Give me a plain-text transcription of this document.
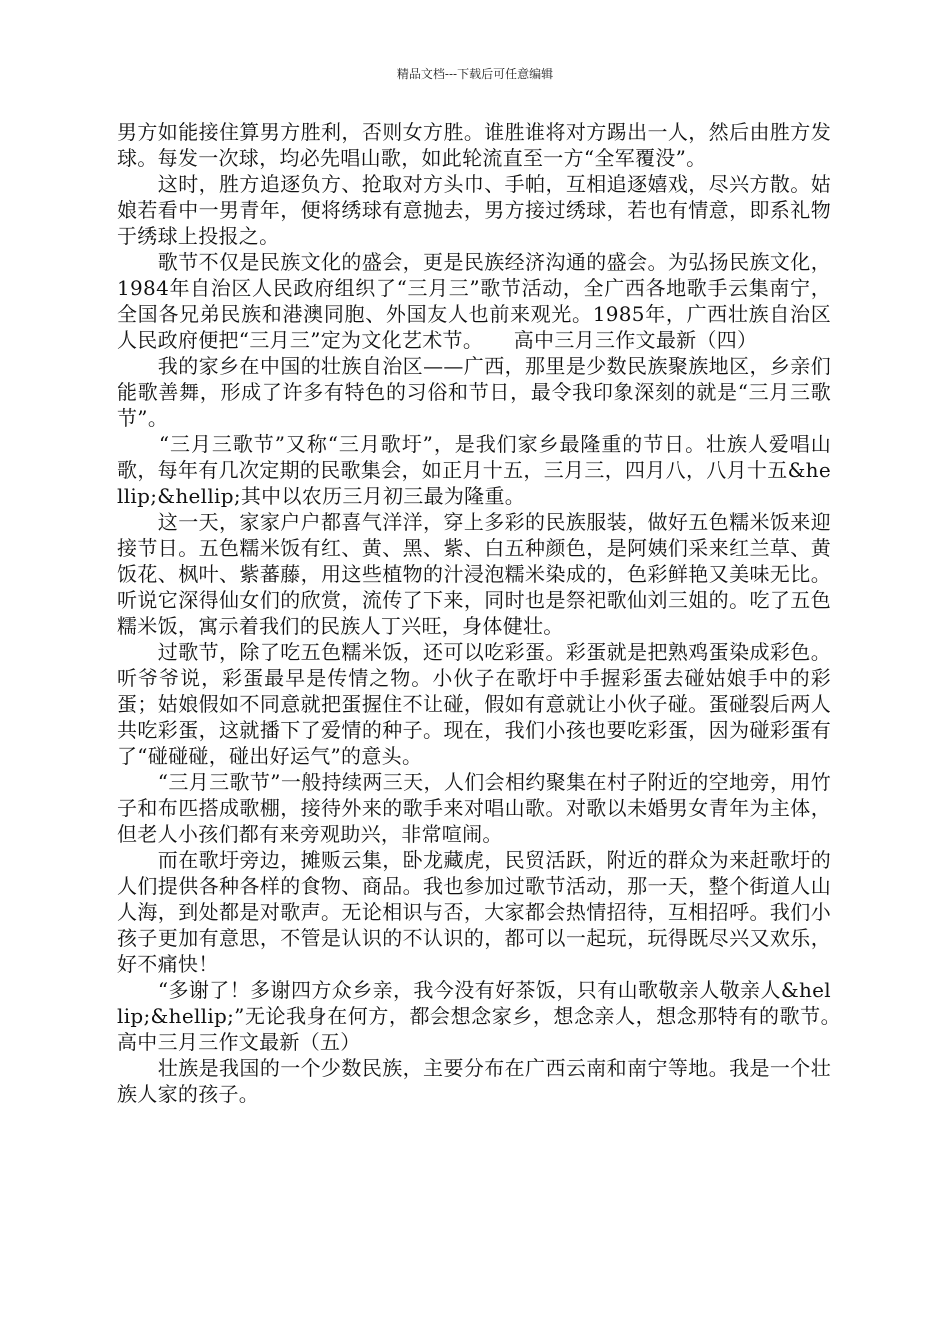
精品文档---下载后可任意编辑

男方如能接住算男方胜利，否则女方胜。谁胜谁将对方踢出一人，然后由胜方发球。每发一次球，均必先唱山歌，如此轮流直至一方“全军覆没”。

　　这时，胜方追逐负方、抢取对方头巾、手帕，互相追逐嬉戏，尽兴方散。姑娘若看中一男青年，便将绣球有意抛去，男方接过绣球，若也有情意，即系礼物于绣球上投报之。

　　歌节不仅是民族文化的盛会，更是民族经济沟通的盛会。为弘扬民族文化，1984年自治区人民政府组织了“三月三”歌节活动，全广西各地歌手云集南宁，全国各兄弟民族和港澳同胞、外国友人也前来观光。1985年，广西壮族自治区人民政府便把“三月三”定为文化艺术节。　　高中三月三作文最新（四）

　　我的家乡在中国的壮族自治区——广西，那里是少数民族聚族地区，乡亲们能歌善舞，形成了许多有特色的习俗和节日，最令我印象深刻的就是“三月三歌节”。

　　“三月三歌节”又称“三月歌圩”，是我们家乡最隆重的节日。壮族人爱唱山歌，每年有几次定期的民歌集会，如正月十五，三月三，四月八，八月十五&hellip;&hellip;其中以农历三月初三最为隆重。

　　这一天，家家户户都喜气洋洋，穿上多彩的民族服装，做好五色糯米饭来迎接节日。五色糯米饭有红、黄、黑、紫、白五种颜色，是阿姨们采来红兰草、黄饭花、枫叶、紫蕃藤，用这些植物的汁浸泡糯米染成的，色彩鲜艳又美味无比。听说它深得仙女们的欣赏，流传了下来，同时也是祭祀歌仙刘三姐的。吃了五色糯米饭，寓示着我们的民族人丁兴旺，身体健壮。

　　过歌节，除了吃五色糯米饭，还可以吃彩蛋。彩蛋就是把熟鸡蛋染成彩色。听爷爷说，彩蛋最早是传情之物。小伙子在歌圩中手握彩蛋去碰姑娘手中的彩蛋；姑娘假如不同意就把蛋握住不让碰，假如有意就让小伙子碰。蛋碰裂后两人共吃彩蛋，这就播下了爱情的种子。现在，我们小孩也要吃彩蛋，因为碰彩蛋有了“碰碰碰，碰出好运气”的意头。

　　“三月三歌节”一般持续两三天，人们会相约聚集在村子附近的空地旁，用竹子和布匹搭成歌棚，接待外来的歌手来对唱山歌。对歌以未婚男女青年为主体，但老人小孩们都有来旁观助兴，非常喧闹。

　　而在歌圩旁边，摊贩云集，卧龙藏虎，民贸活跃，附近的群众为来赶歌圩的人们提供各种各样的食物、商品。我也参加过歌节活动，那一天，整个街道人山人海，到处都是对歌声。无论相识与否，大家都会热情招待，互相招呼。我们小孩子更加有意思，不管是认识的不认识的，都可以一起玩，玩得既尽兴又欢乐，好不痛快！

　　“多谢了！多谢四方众乡亲，我今没有好茶饭，只有山歌敬亲人敬亲人&hellip;&hellip;”无论我身在何方，都会想念家乡，想念亲人，想念那特有的歌节。　　高中三月三作文最新（五）

　　壮族是我国的一个少数民族，主要分布在广西云南和南宁等地。我是一个壮族人家的孩子。
